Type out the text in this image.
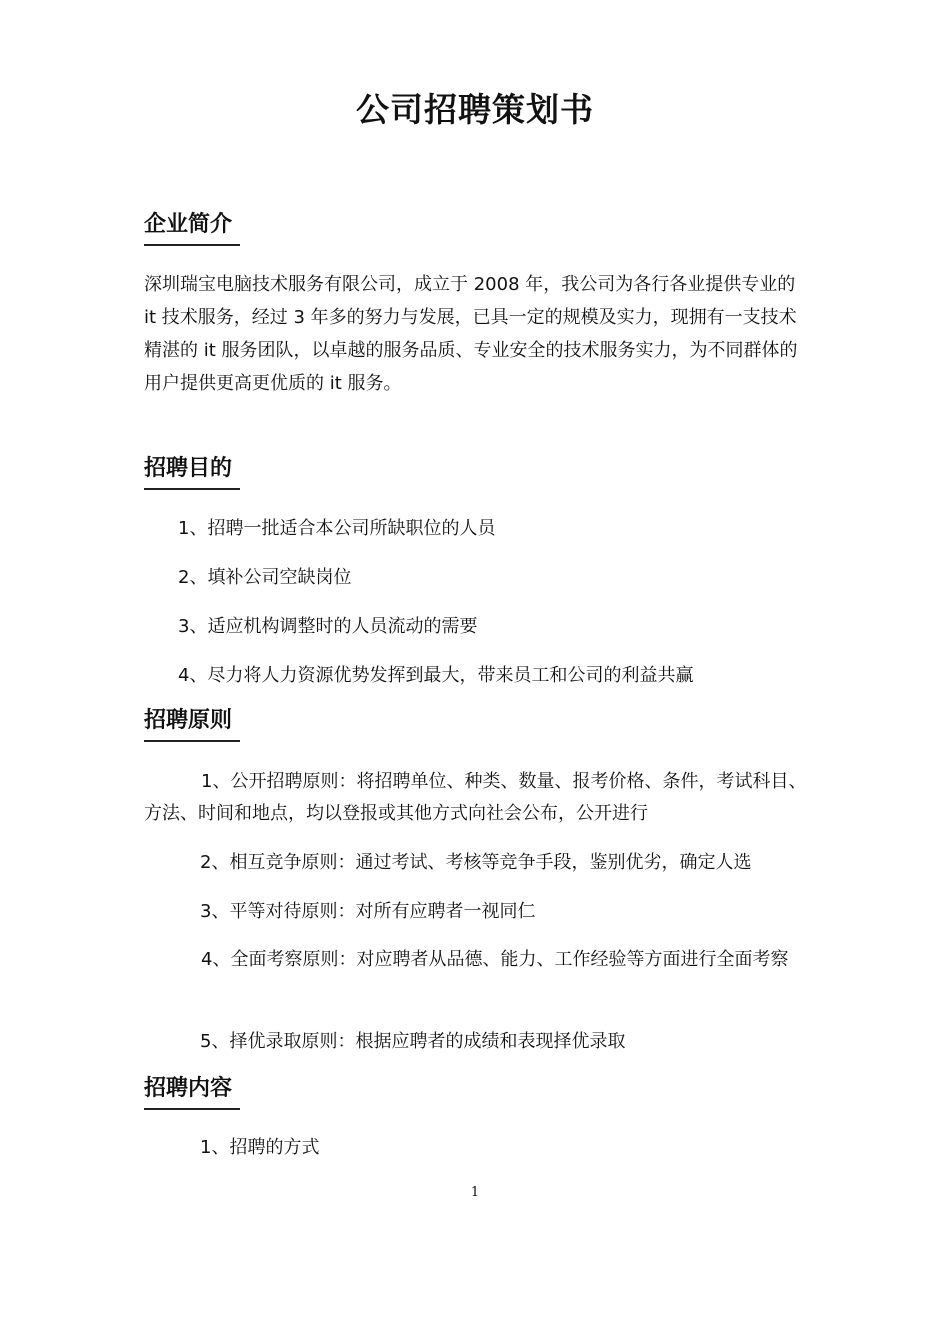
公司招聘策划书
企业简介

深圳瑞宝电脑技术服务有限公司，成立于 2008 年，我公司为各行各业提供专业的 it 技术服务，经过 3 年多的努力与发展，已具一定的规模及实力，现拥有一支技术精湛的 it 服务团队，以卓越的服务品质、专业安全的技术服务实力，为不同群体的用户提供更高更优质的 it 服务。

招聘目的
1、招聘一批适合本公司所缺职位的人员
2、填补公司空缺岗位
3、适应机构调整时的人员流动的需要
4、尽力将人力资源优势发挥到最大，带来员工和公司的利益共赢
招聘原则

1、公开招聘原则：将招聘单位、种类、数量、报考价格、条件，考试科目、方法、时间和地点，均以登报或其他方式向社会公布，公开进行

2、相互竞争原则：通过考试、考核等竞争手段，鉴别优劣，确定人选
3、平等对待原则：对所有应聘者一视同仁

4、全面考察原则：对应聘者从品德、能力、工作经验等方面进行全面考察

5、择优录取原则：根据应聘者的成绩和表现择优录取
招聘内容
1、招聘的方式
1
